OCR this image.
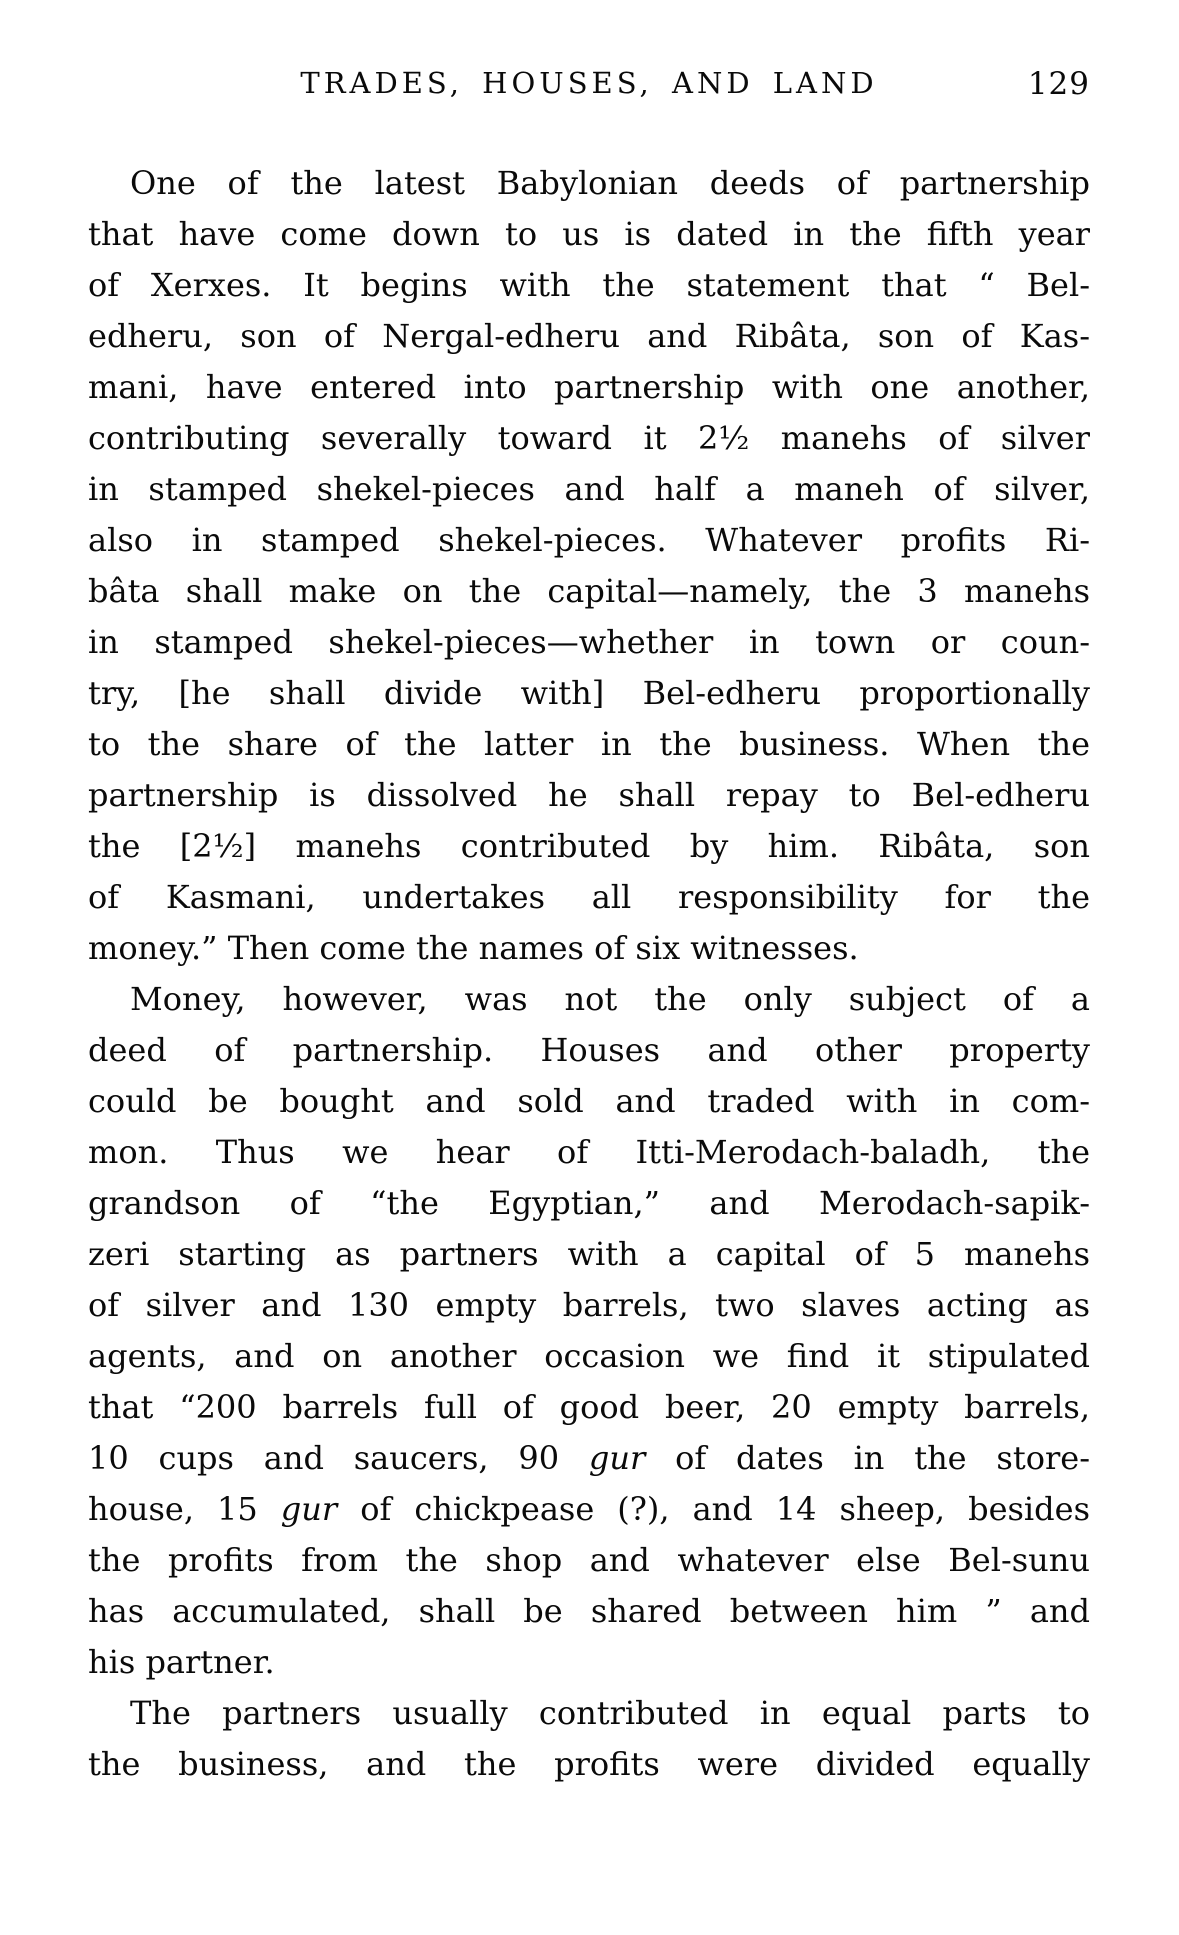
TRADES, HOUSES, AND LAND	129
One of the latest Babylonian deeds of partnership
that have come down to us is dated in the fifth year
of Xerxes. It begins with the statement that “ Bel-
edheru, son of Nergal-edheru and Ribâta, son of Kas-
mani, have entered into partnership with one another,
contributing severally toward it 2½ manehs of silver
in stamped shekel-pieces and half a maneh of silver,
also in stamped shekel-pieces. Whatever profits Ri-
bâta shall make on the capital—namely, the 3 manehs
in stamped shekel-pieces—whether in town or coun-
try, [he shall divide with] Bel-edheru proportionally
to the share of the latter in the business. When the
partnership is dissolved he shall repay to Bel-edheru
the [2½] manehs contributed by him. Ribâta, son
of Kasmani, undertakes all responsibility for the
money.” Then come the names of six witnesses.
Money, however, was not the only subject of a
deed of partnership. Houses and other property
could be bought and sold and traded with in com-
mon. Thus we hear of Itti-Merodach-baladh, the
grandson of “the Egyptian,” and Merodach-sapik-
zeri starting as partners with a capital of 5 manehs
of silver and 130 empty barrels, two slaves acting as
agents, and on another occasion we find it stipulated
that “200 barrels full of good beer, 20 empty barrels,
10 cups and saucers, 90 gur of dates in the store-
house, 15 gur of chickpease (?), and 14 sheep, besides
the profits from the shop and whatever else Bel-sunu
has accumulated, shall be shared between him ” and
his partner.
The partners usually contributed in equal parts to
the business, and the profits were divided equally
